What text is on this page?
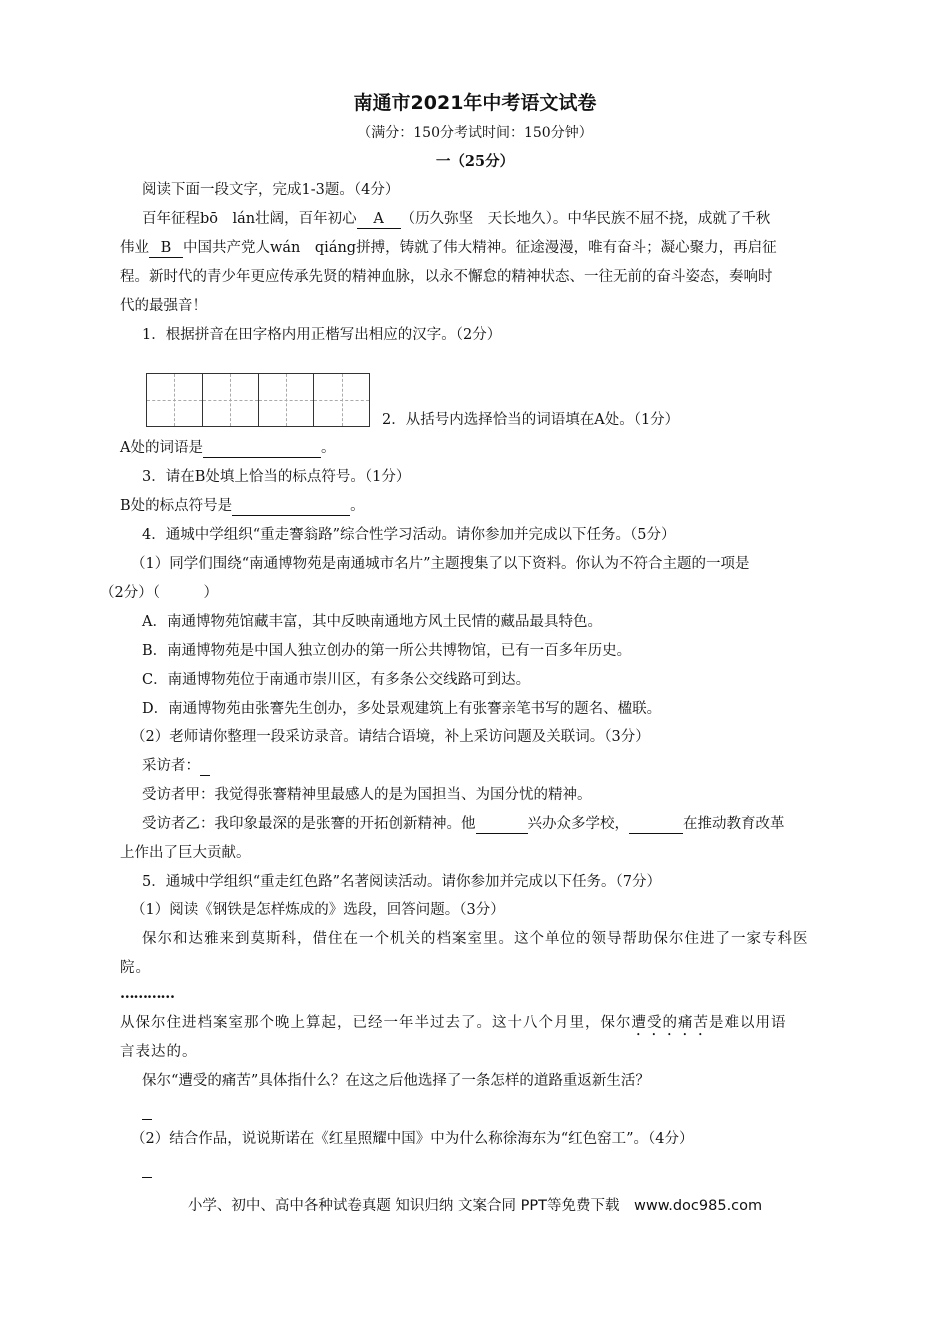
南通市2021年中考语文试卷
（满分：150分考试时间：150分钟）
一（25分）
阅读下面一段文字，完成1-3题。（4分）
百年征程bō　lán壮阔，百年初心 A （历久弥坚　天长地久）。中华民族不屈不挠，成就了千秋
伟业 B 中国共产党人wán　qiáng拼搏，铸就了伟大精神。征途漫漫，唯有奋斗；凝心聚力，再启征
程。新时代的青少年更应传承先贤的精神血脉，以永不懈怠的精神状态、一往无前的奋斗姿态，奏响时
代的最强音！
1．根据拼音在田字格内用正楷写出相应的汉字。（2分）
2．从括号内选择恰当的词语填在A处。（1分）
A处的词语是	。
3．请在B处填上恰当的标点符号。（1分）
B处的标点符号是	。
4．通城中学组织“重走謇翁路”综合性学习活动。请你参加并完成以下任务。（5分）
（1）同学们围绕“南通博物苑是南通城市名片”主题搜集了以下资料。你认为不符合主题的一项是
（2分）（　　　）
A．南通博物苑馆藏丰富，其中反映南通地方风土民情的藏品最具特色。
B．南通博物苑是中国人独立创办的第一所公共博物馆，已有一百多年历史。
C．南通博物苑位于南通市崇川区，有多条公交线路可到达。
D．南通博物苑由张謇先生创办，多处景观建筑上有张謇亲笔书写的题名、楹联。
（2）老师请你整理一段采访录音。请结合语境，补上采访问题及关联词。（3分）
采访者：
受访者甲：我觉得张謇精神里最感人的是为国担当、为国分忧的精神。
受访者乙：我印象最深的是张謇的开拓创新精神。他	兴办众多学校，	在推动教育改革
上作出了巨大贡献。
5．通城中学组织“重走红色路”名著阅读活动。请你参加并完成以下任务。（7分）
（1）阅读《钢铁是怎样炼成的》选段，回答问题。（3分）
保尔和达雅来到莫斯科，借住在一个机关的档案室里。这个单位的领导帮助保尔住进了一家专科医
院。
…………
从保尔住进档案室那个晚上算起，已经一年半过去了。这十八个月里，保尔遭受的痛苦是难以用语
言表达的。
保尔“遭受的痛苦”具体指什么？在这之后他选择了一条怎样的道路重返新生活？
（2）结合作品，说说斯诺在《红星照耀中国》中为什么称徐海东为“红色窑工”。（4分）
小学、初中、高中各种试卷真题 知识归纳 文案合同 PPT等免费下载　www.doc985.com
